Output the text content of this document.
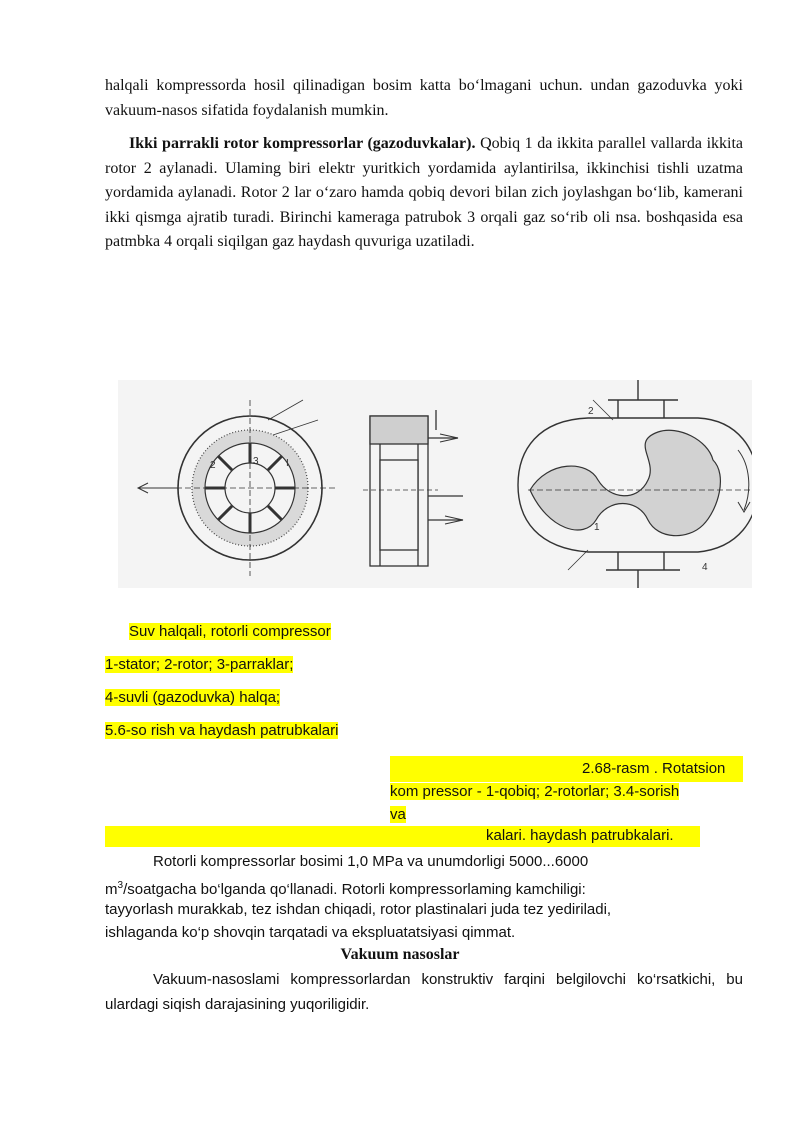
halqali kompressorda hosil qilinadigan bosim katta bo‘lmagani uchun. undan gazoduvka yoki vakuum-nasos sifatida foydalanish mumkin.

Ikki parrakli rotor kompressorlar (gazoduvkalar). Qobiq 1 da ikkita parallel vallarda ikkita rotor 2 aylanadi. Ulaming biri elektr yuritkich yordamida aylantirilsa, ikkinchisi tishli uzatma yordamida aylanadi. Rotor 2 lar o‘zaro hamda qobiq devori bilan zich joylashgan bo‘lib, kamerani ikki qismga ajratib turadi. Birinchi kameraga patrubok 3 orqali gaz so‘rib oli nsa. boshqasida esa patmbka 4 orqali siqilgan gaz haydash quvuriga uzatiladi.

I
2	3
2
1
4
Suv halqali, rotorli compressor
1-stator; 2-rotor; 3-parraklar;
4-suvli (gazoduvka) halqa;
5.6-so rish va haydash patrubkalari
2.68-rasm . Rotatsion
kom pressor - 1-qobiq; 2-rotorlar; 3.4-sorish
va
kalari. haydash patrubkalari.
Rotorli kompressorlar bosimi 1,0 MPa va unumdorligi 5000...6000
$m^3$/soatgacha bo‘lganda qo‘llanadi. Rotorli kompressorlaming kamchiligi:
tayyorlash murakkab, tez ishdan chiqadi, rotor plastinalari juda tez yediriladi,
ishlaganda ko‘p shovqin tarqatadi va ekspluatatsiyasi qimmat.
Vakuum nasoslar

Vakuum-nasoslami kompressorlardan konstruktiv farqini belgilovchi ko‘rsatkichi, bu ulardagi siqish darajasining yuqoriligidir.
